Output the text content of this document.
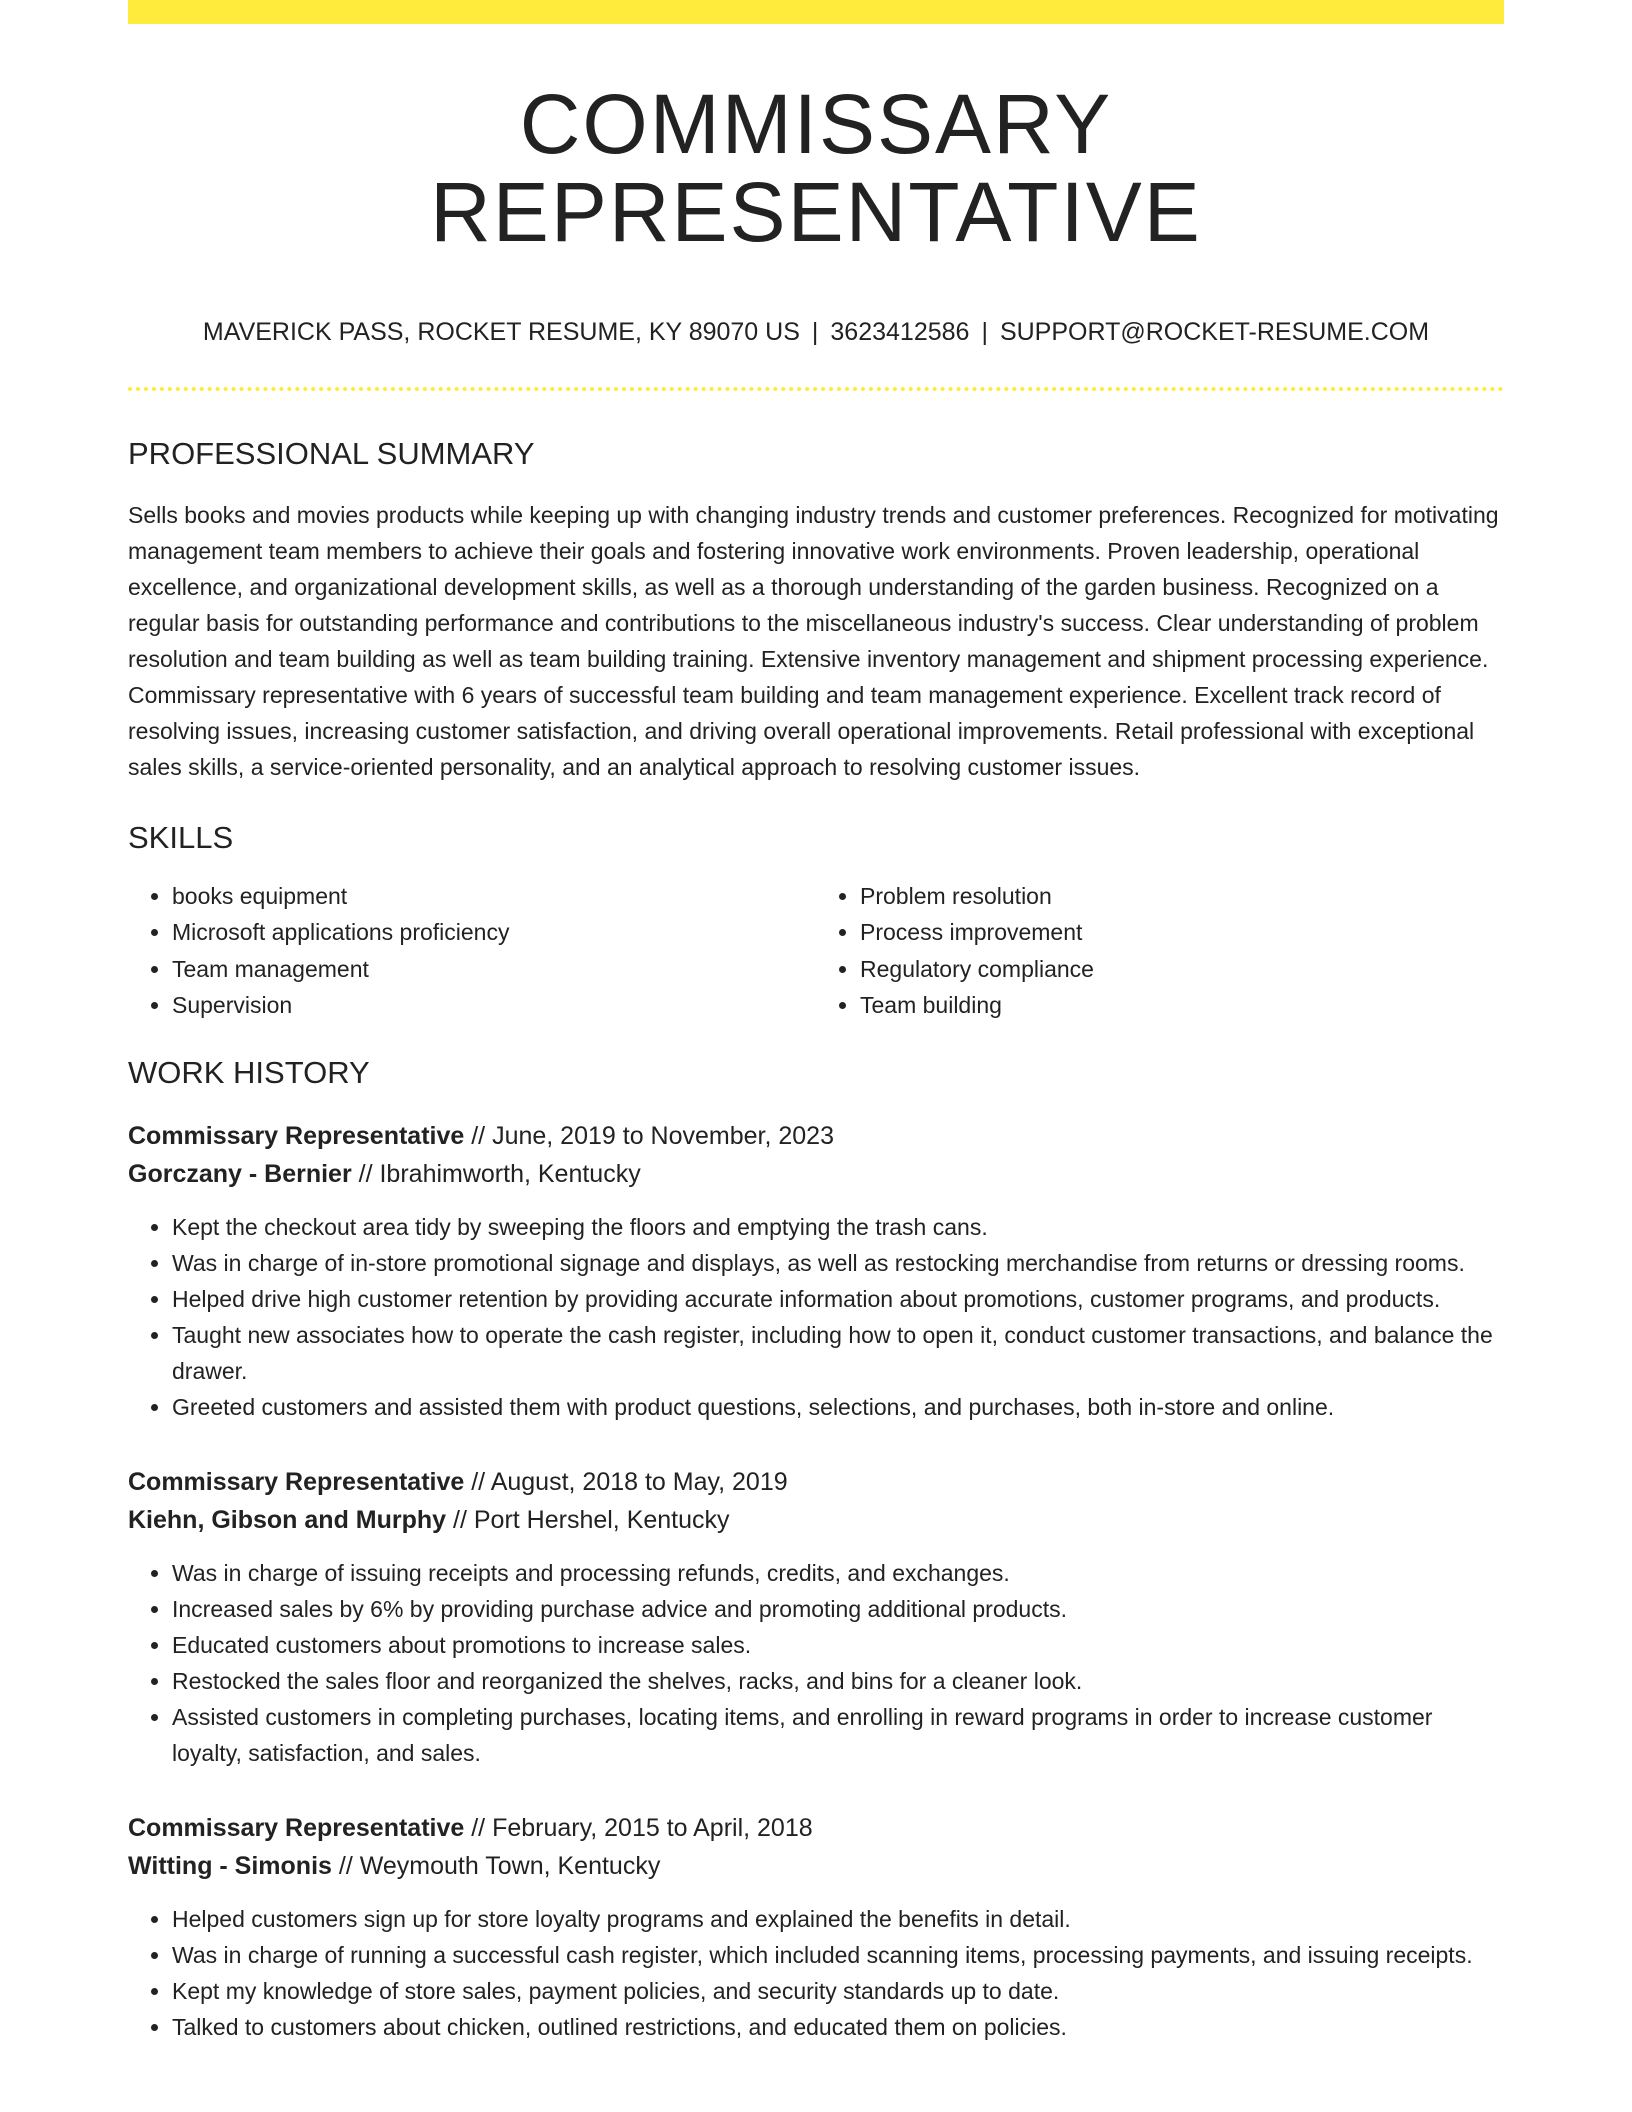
COMMISSARY REPRESENTATIVE
MAVERICK PASS, ROCKET RESUME, KY 89070 US | 3623412586 | SUPPORT@ROCKET-RESUME.COM
PROFESSIONAL SUMMARY
Sells books and movies products while keeping up with changing industry trends and customer preferences. Recognized for motivating management team members to achieve their goals and fostering innovative work environments. Proven leadership, operational excellence, and organizational development skills, as well as a thorough understanding of the garden business. Recognized on a regular basis for outstanding performance and contributions to the miscellaneous industry's success. Clear understanding of problem resolution and team building as well as team building training. Extensive inventory management and shipment processing experience. Commissary representative with 6 years of successful team building and team management experience. Excellent track record of resolving issues, increasing customer satisfaction, and driving overall operational improvements. Retail professional with exceptional sales skills, a service-oriented personality, and an analytical approach to resolving customer issues.
SKILLS
• books equipment
• Microsoft applications proficiency
• Team management
• Supervision
• Problem resolution
• Process improvement
• Regulatory compliance
• Team building
WORK HISTORY
Commissary Representative // June, 2019 to November, 2023
Gorczany - Bernier // Ibrahimworth, Kentucky
• Kept the checkout area tidy by sweeping the floors and emptying the trash cans.
• Was in charge of in-store promotional signage and displays, as well as restocking merchandise from returns or dressing rooms.
• Helped drive high customer retention by providing accurate information about promotions, customer programs, and products.
• Taught new associates how to operate the cash register, including how to open it, conduct customer transactions, and balance the drawer.
• Greeted customers and assisted them with product questions, selections, and purchases, both in-store and online.
Commissary Representative // August, 2018 to May, 2019
Kiehn, Gibson and Murphy // Port Hershel, Kentucky
• Was in charge of issuing receipts and processing refunds, credits, and exchanges.
• Increased sales by 6% by providing purchase advice and promoting additional products.
• Educated customers about promotions to increase sales.
• Restocked the sales floor and reorganized the shelves, racks, and bins for a cleaner look.
• Assisted customers in completing purchases, locating items, and enrolling in reward programs in order to increase customer loyalty, satisfaction, and sales.
Commissary Representative // February, 2015 to April, 2018
Witting - Simonis // Weymouth Town, Kentucky
• Helped customers sign up for store loyalty programs and explained the benefits in detail.
• Was in charge of running a successful cash register, which included scanning items, processing payments, and issuing receipts.
• Kept my knowledge of store sales, payment policies, and security standards up to date.
• Talked to customers about chicken, outlined restrictions, and educated them on policies.
